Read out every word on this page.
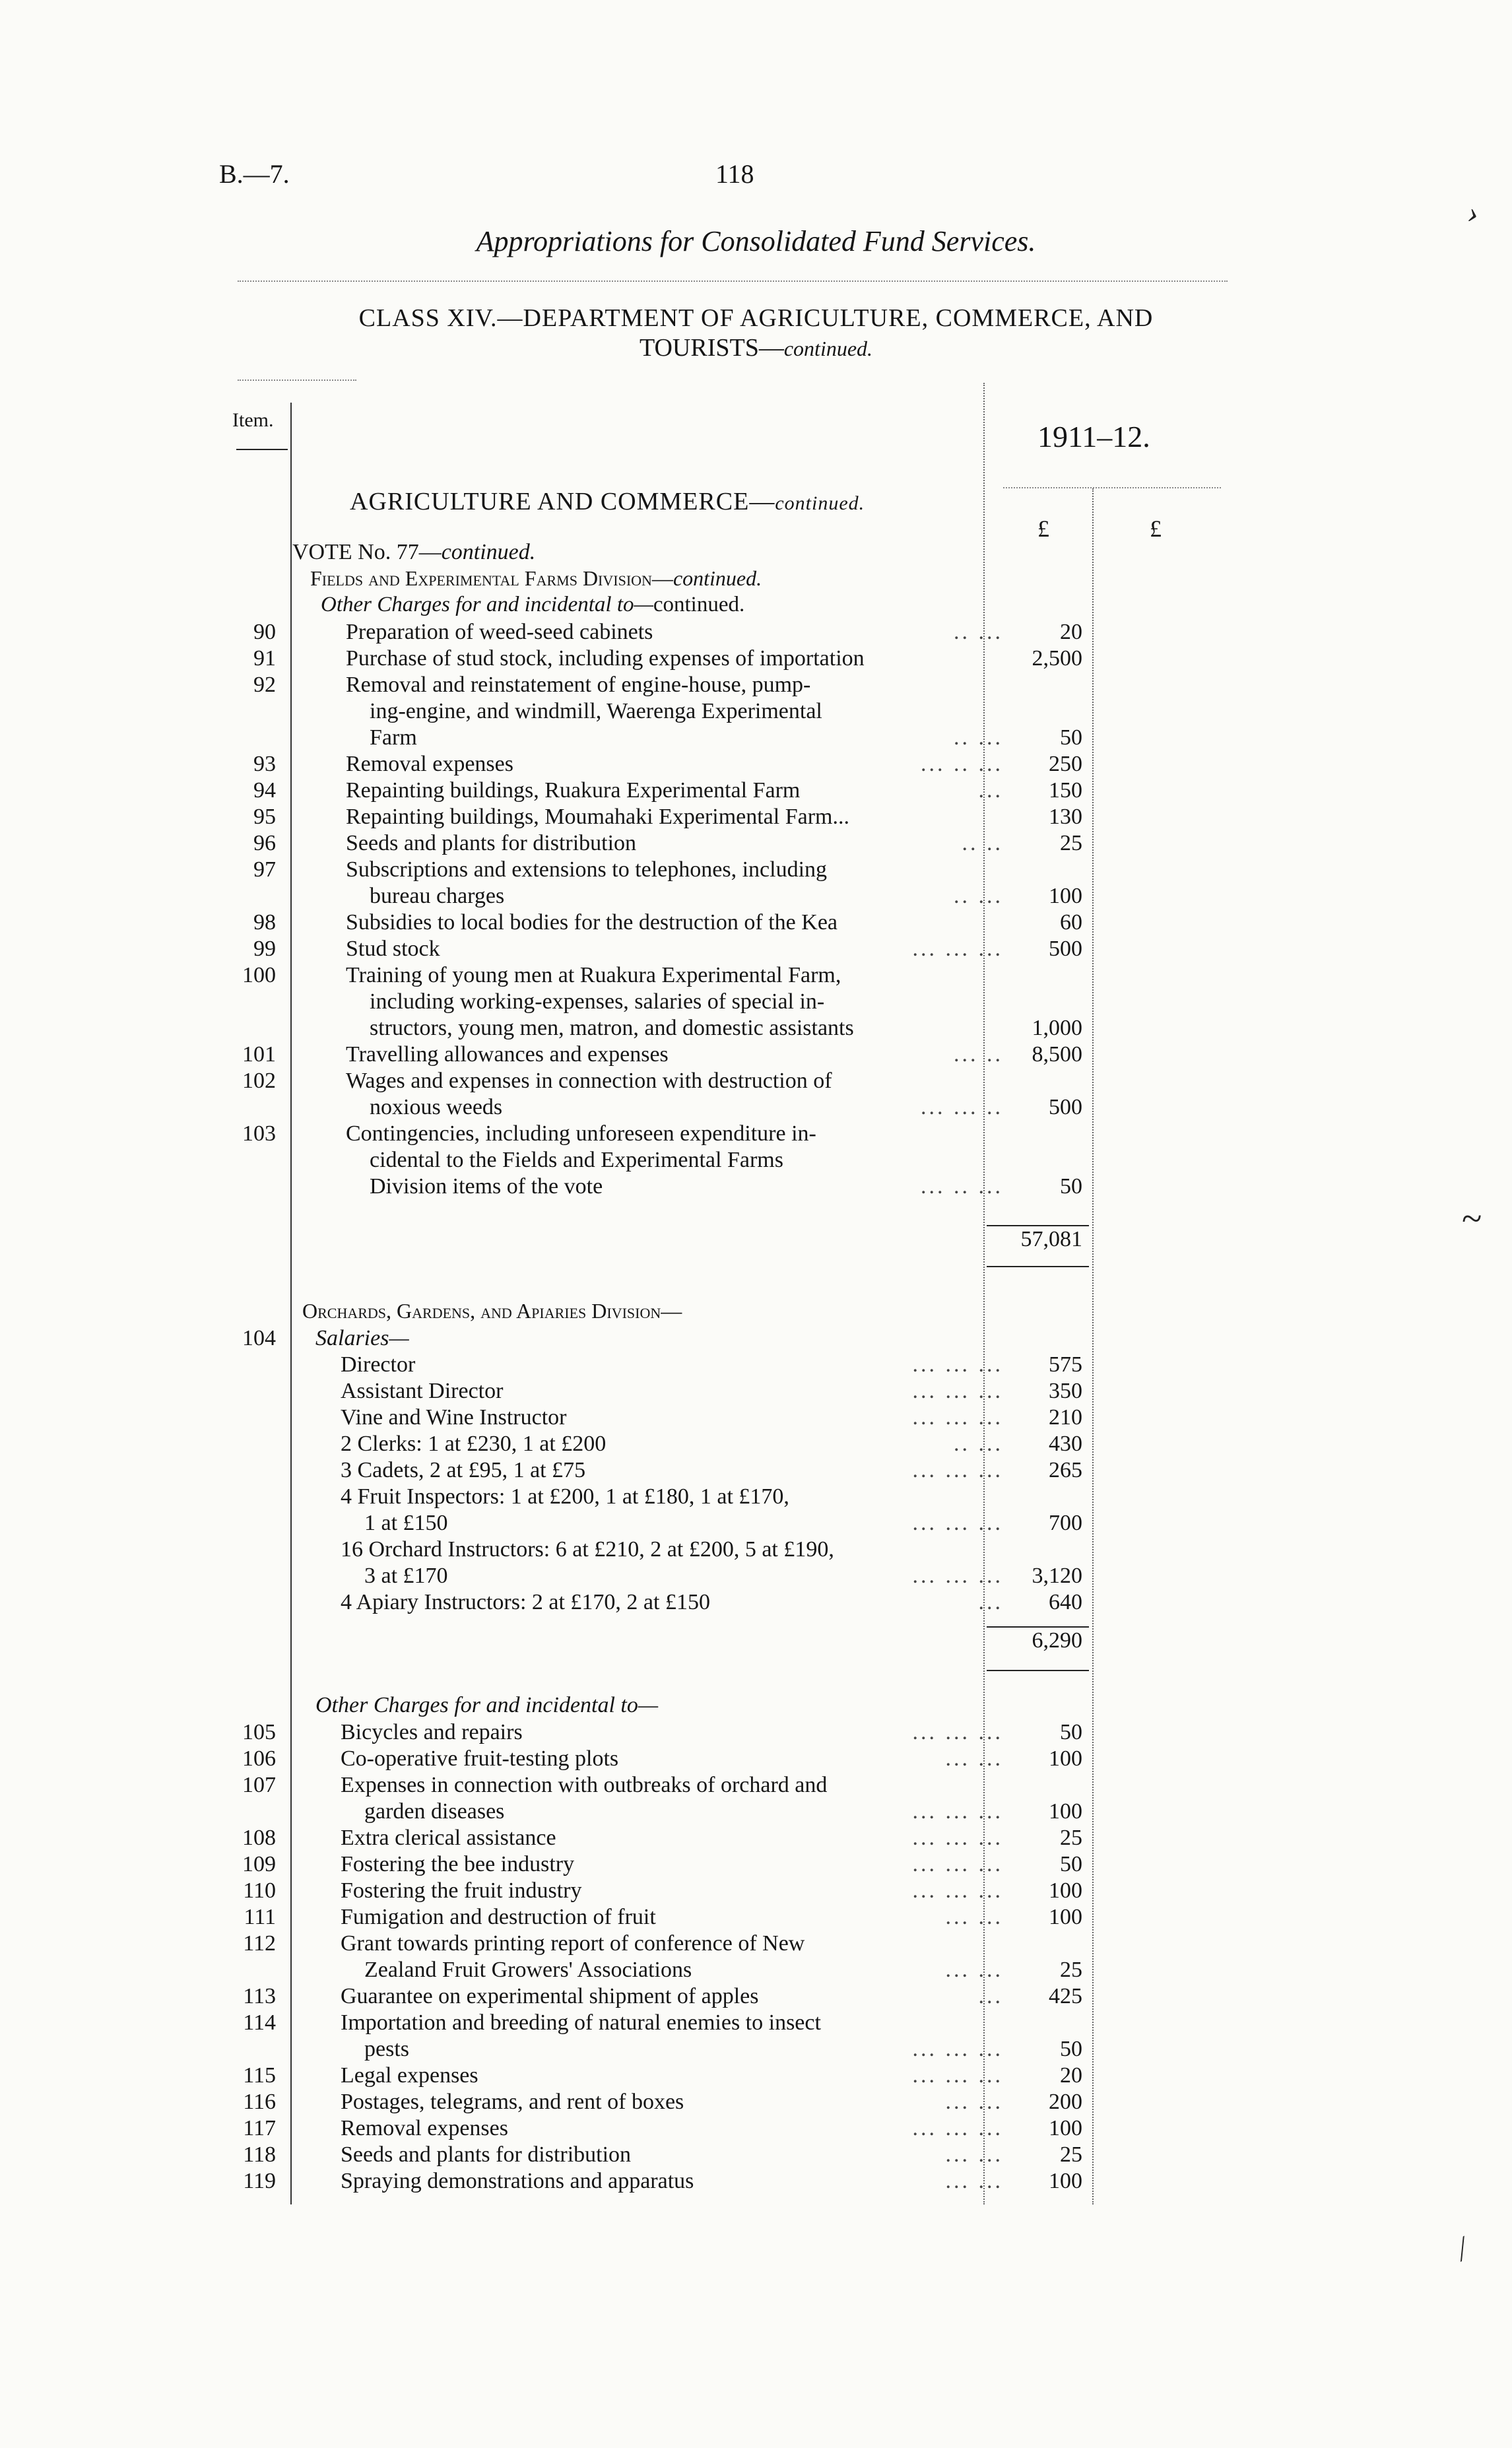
B.—7.	118
Appropriations for Consolidated Fund Services.
CLASS XIV.—DEPARTMENT OF AGRICULTURE, COMMERCE, AND
TOURISTS—continued.
Item.	1911–12.
£	£
AGRICULTURE AND COMMERCE—continued.
VOTE No. 77—continued.
Fields and Experimental Farms Division—continued.
Other Charges for and incidental to—continued.
90	Preparation of weed-seed cabinets	.. ...	20
91	Purchase of stud stock, including expenses of importation	2,500
92	Removal and reinstatement of engine-house, pump-
ing-engine, and windmill, Waerenga Experimental
Farm	.. ...	50
93	Removal expenses	... .. ...	250
94	Repainting buildings, Ruakura Experimental Farm	...	150
95	Repainting buildings, Moumahaki Experimental Farm...	130
96	Seeds and plants for distribution	.. ..	25
97	Subscriptions and extensions to telephones, including
bureau charges	.. ...	100
98	Subsidies to local bodies for the destruction of the Kea	60
99	Stud stock	... ... ...	500
100	Training of young men at Ruakura Experimental Farm,
including working-expenses, salaries of special in-
structors, young men, matron, and domestic assistants	1,000
101	Travelling allowances and expenses	... ..	8,500
102	Wages and expenses in connection with destruction of
noxious weeds	... ... ..	500
103	Contingencies, including unforeseen expenditure in-
cidental to the Fields and Experimental Farms
Division items of the vote	... .. ...	50
57,081
Orchards, Gardens, and Apiaries Division—
104 Salaries—
Director	... ... ...	575
Assistant Director	... ... ...	350
Vine and Wine Instructor	... ... ...	210
2 Clerks: 1 at £230, 1 at £200	.. ...	430
3 Cadets, 2 at £95, 1 at £75	... ... ...	265
4 Fruit Inspectors: 1 at £200, 1 at £180, 1 at £170,
1 at £150	... ... ...	700
16 Orchard Instructors: 6 at £210, 2 at £200, 5 at £190,
3 at £170	... ... ...	3,120
4 Apiary Instructors: 2 at £170, 2 at £150	...	640
6,290
Other Charges for and incidental to—
105	Bicycles and repairs	... ... ...	50
106	Co-operative fruit-testing plots	... ...	100
107	Expenses in connection with outbreaks of orchard and
garden diseases	... ... ...	100
108	Extra clerical assistance	... ... ...	25
109	Fostering the bee industry	... ... ...	50
110	Fostering the fruit industry	... ... ...	100
111	Fumigation and destruction of fruit	... ...	100
112	Grant towards printing report of conference of New
Zealand Fruit Growers' Associations	... ...	25
113	Guarantee on experimental shipment of apples	...	425
114	Importation and breeding of natural enemies to insect
pests	... ... ...	50
115	Legal expenses	... ... ...	20
116	Postages, telegrams, and rent of boxes	... ...	200
117	Removal expenses	... ... ...	100
118	Seeds and plants for distribution	... ...	25
119	Spraying demonstrations and apparatus	... ...	100
›
~
⁄
